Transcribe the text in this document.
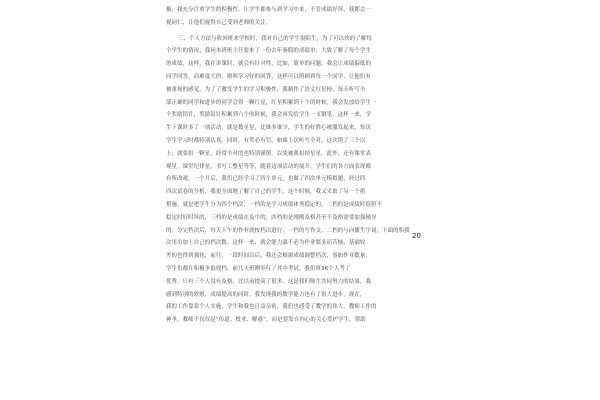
极，我充分注重学生的积极性，让学生都参与到学习中来，不管成绩好坏，我都会一
视同仁，让他们视得自己受到老师的关注。
三、个人方法与收回班来学校时，我对自己的学生很陌生，为了可以快的了解每
个学生的情况，我问本班班主任要来了一份去年秦假的成绩单，大致了解了每个学生
的成绩，这样，我在讲课时，就会有针对性，比如，简单的问题，我会让成绩偏低的
同学回答，而难度大的，则叫学习好的回答，这样可以照顾到每一个同学，让他们有
被重视的感觉。为了了激发学生的学习积极性，我制作了语文红星榜，每天听写全
部正确的同学和进步的同学会得一颗红星，红星积累到十个的时候，我会发放给学生一
个奖励铅针，奖励铅针积累到六个的时候，我会再发给学生一支钢笔，这样一来，学
生下课时多了一项活动，就是数星星，比谁多谁少，学生的好胜心被激发起来，每次
学生学习时都特别认真。同时，有奖必有罚，如果上次听写全对，这次错了三个以
上，就要扣一颗星，经常全对的也特别谨慎，以免被我扣掉星星，此外，还有课堂表
现星，课堂纪律星，书写工整星等等，随着这项活动的展开，学生们的各方面表现都
有所改观，一个月后，我们已经学习了四个单元，也做了四次单元模拟题，经过四
四次试卷的分析，我更全面地了解了自己的学生，这个时候，我又采取了另一个措
措施，就是把学生分为四个档次，一档的是学习成绩体秀稳定的，二档的是成绩时很但不
稳定时好时坏的，三档的是成绩在及中的，四档的是刚刚及格甚至不及格需要加强辅导
的，分完档次后，每天下午的作业就按档次进行，一档的写作文，二档的与向播生字词，下面的积我
次用出加上自己的档次数，这样一来，就会能力强不必为作业繁多而苦恼，基础较
差的也得到强化，前往，一段时间以后，我还会根据成绩调整档次，事如作业数量，
学生们都在积极争取授档，前几天班刚举行了其中考试，我们班36个人考了
优秀，只有三个人没有及格，比以前提高了很多，这是我们师生共同努力的结果，我
感到特别的欣慰，成绩提高的同时，我发现我的数学能力也有了很大进步，现在，
我的工作靠靠个人实施，学生和我也日益亲密，我们也感受了教学的伟大，教师工作的
神圣，教师不仅仅是“传道、授业、解惑”，而是要发自内心的关心爱护学生，帮助
20
